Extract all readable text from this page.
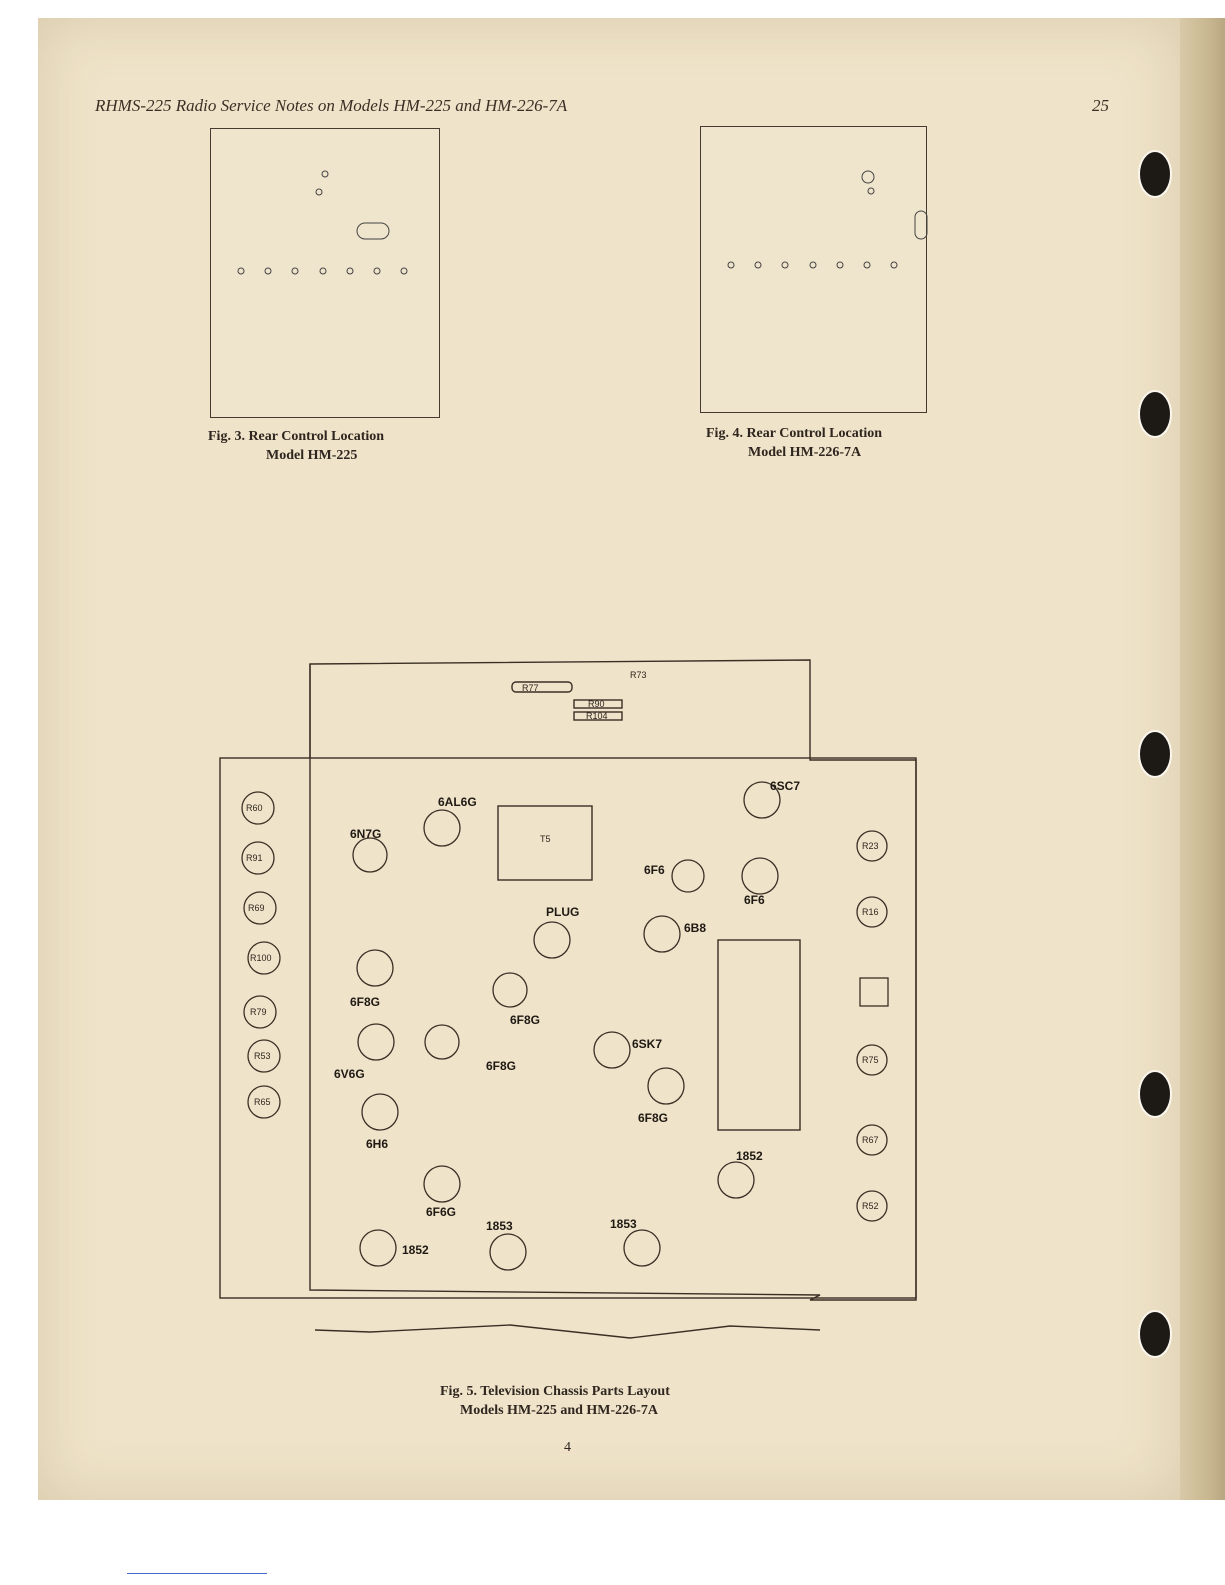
RHMS-225 Radio Service Notes on Models HM-225 and HM-226-7A	25
Fig. 3. Rear Control Location
Model HM-225
Fig. 4. Rear Control Location
Model HM-226-7A
R60
R91
R69
R100
R79
R53
R65
R23
R16
R75
R67
R52
T5
R77
R90
R104
R73
6N7G
6AL6G
6SC7
6F6
6F6
6B8
PLUG
6F8G
6F8G
6F8G
6SK7
6V6G
6F8G
6H6
1852
6F6G
1853	1853
1852
Fig. 5. Television Chassis Parts Layout
Models HM-225 and HM-226-7A
4
